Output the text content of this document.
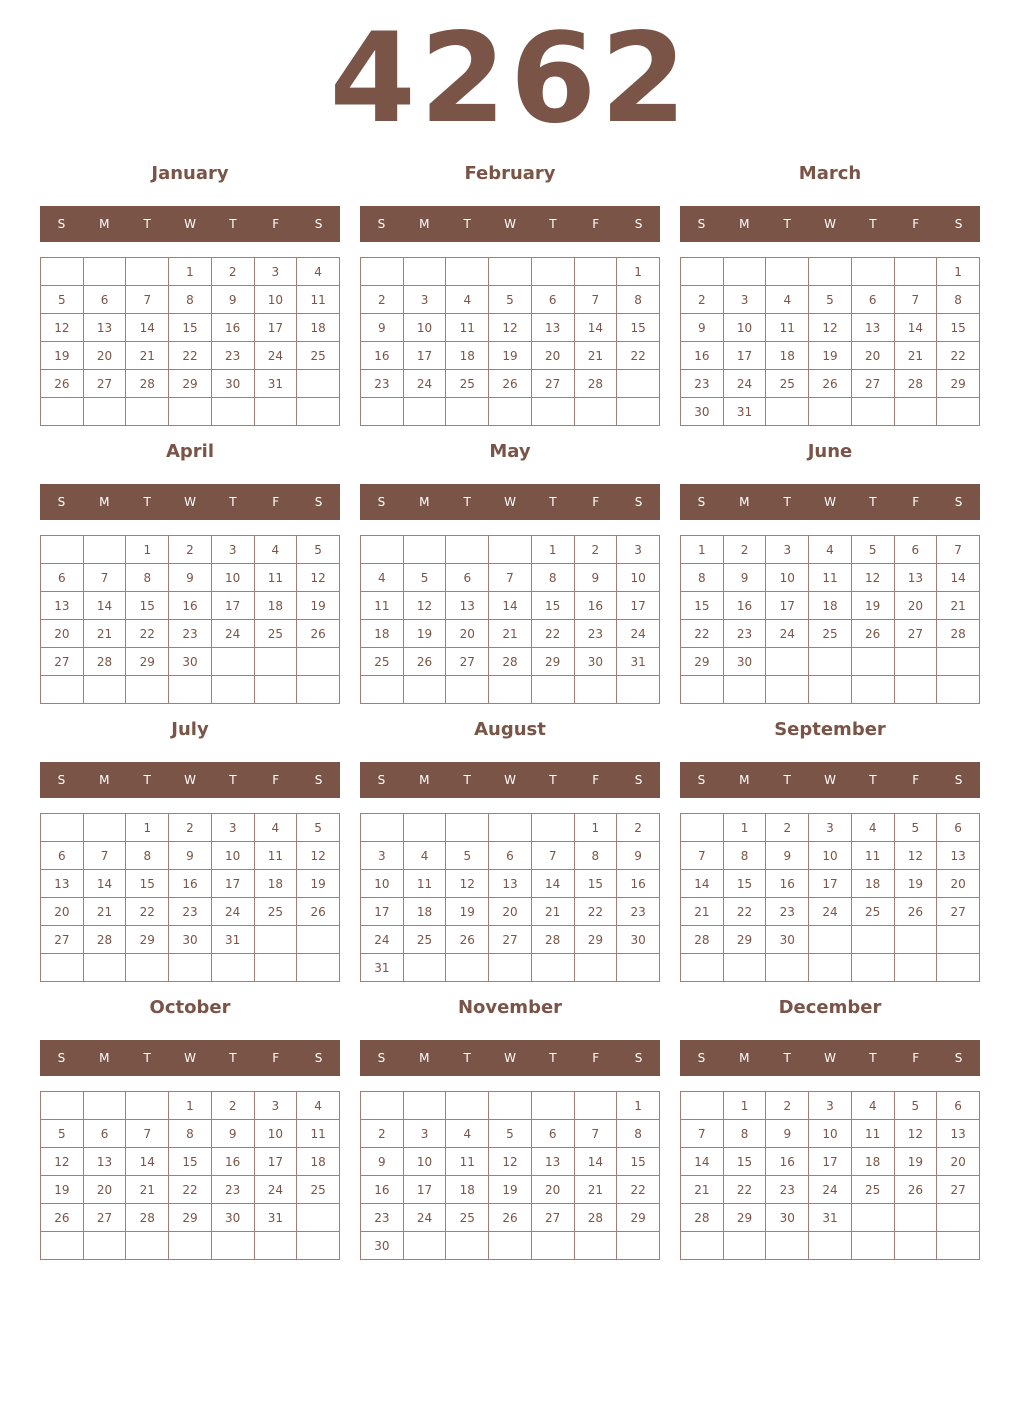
4262
January
S	M	T	W	T	F	S
			1	2	3	4
5	6	7	8	9	10	11
12	13	14	15	16	17	18
19	20	21	22	23	24	25
26	27	28	29	30	31	

February
S	M	T	W	T	F	S
						1
2	3	4	5	6	7	8
9	10	11	12	13	14	15
16	17	18	19	20	21	22
23	24	25	26	27	28	

March
S	M	T	W	T	F	S
						1
2	3	4	5	6	7	8
9	10	11	12	13	14	15
16	17	18	19	20	21	22
23	24	25	26	27	28	29
30	31					
April
S	M	T	W	T	F	S
		1	2	3	4	5
6	7	8	9	10	11	12
13	14	15	16	17	18	19
20	21	22	23	24	25	26
27	28	29	30			

May
S	M	T	W	T	F	S
				1	2	3
4	5	6	7	8	9	10
11	12	13	14	15	16	17
18	19	20	21	22	23	24
25	26	27	28	29	30	31

June
S	M	T	W	T	F	S
1	2	3	4	5	6	7
8	9	10	11	12	13	14
15	16	17	18	19	20	21
22	23	24	25	26	27	28
29	30					

July
S	M	T	W	T	F	S
		1	2	3	4	5
6	7	8	9	10	11	12
13	14	15	16	17	18	19
20	21	22	23	24	25	26
27	28	29	30	31		

August
S	M	T	W	T	F	S
					1	2
3	4	5	6	7	8	9
10	11	12	13	14	15	16
17	18	19	20	21	22	23
24	25	26	27	28	29	30
31						
September
S	M	T	W	T	F	S
	1	2	3	4	5	6
7	8	9	10	11	12	13
14	15	16	17	18	19	20
21	22	23	24	25	26	27
28	29	30				

October
S	M	T	W	T	F	S
			1	2	3	4
5	6	7	8	9	10	11
12	13	14	15	16	17	18
19	20	21	22	23	24	25
26	27	28	29	30	31	

November
S	M	T	W	T	F	S
						1
2	3	4	5	6	7	8
9	10	11	12	13	14	15
16	17	18	19	20	21	22
23	24	25	26	27	28	29
30						
December
S	M	T	W	T	F	S
	1	2	3	4	5	6
7	8	9	10	11	12	13
14	15	16	17	18	19	20
21	22	23	24	25	26	27
28	29	30	31			
